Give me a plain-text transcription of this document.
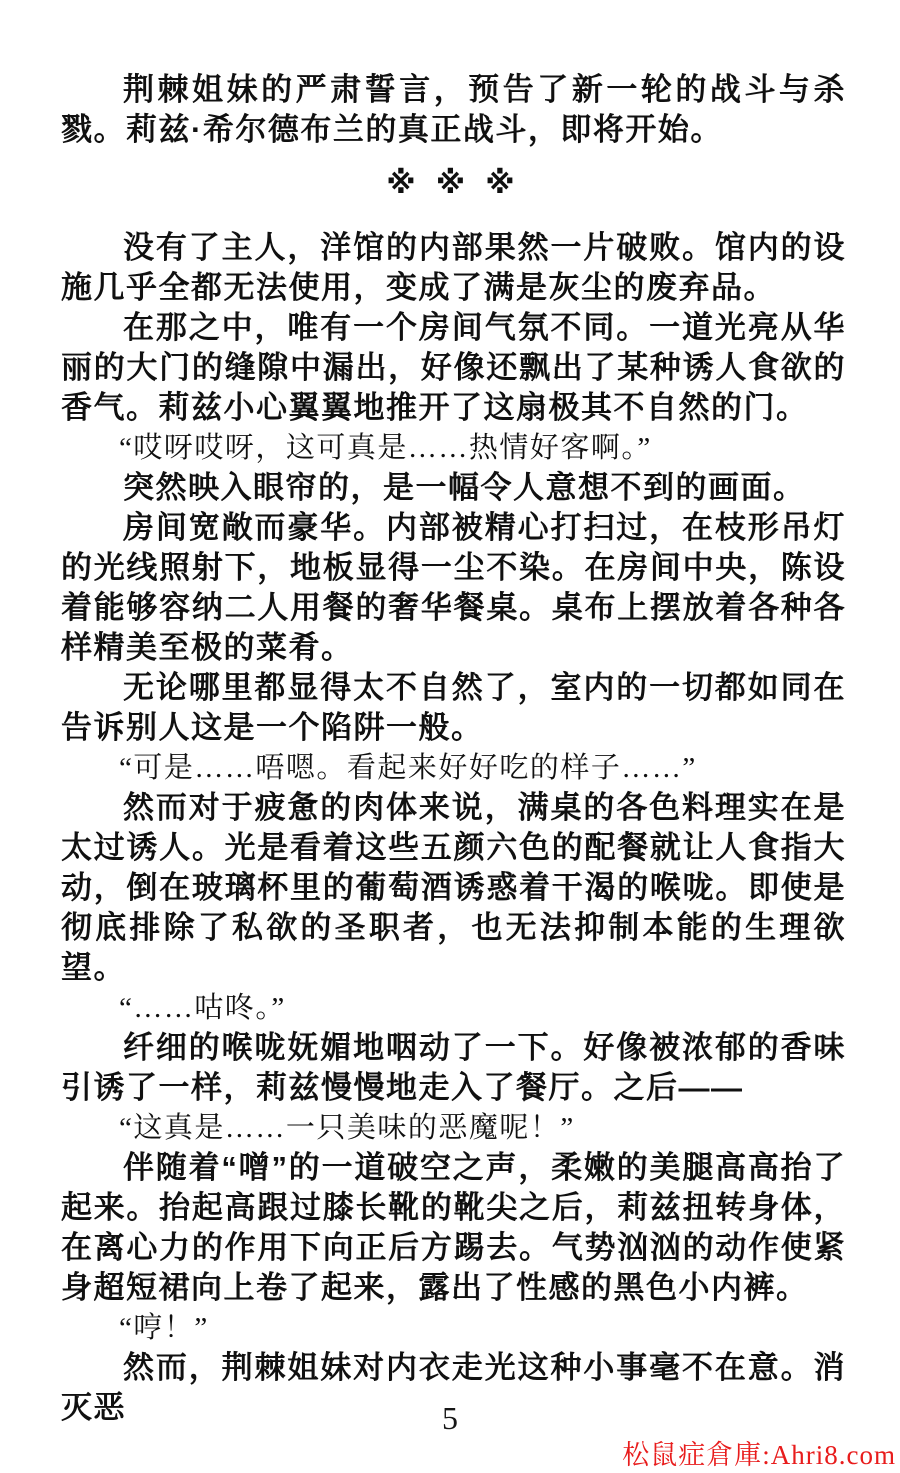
荆棘姐妹的严肃誓言，预告了新一轮的战斗与杀戮。莉兹·希尔德布兰的真正战斗，即将开始。

※ ※ ※

没有了主人，洋馆的内部果然一片破败。馆内的设施几乎全都无法使用，变成了满是灰尘的废弃品。

在那之中，唯有一个房间气氛不同。一道光亮从华丽的大门的缝隙中漏出，好像还飘出了某种诱人食欲的香气。莉兹小心翼翼地推开了这扇极其不自然的门。

“哎呀哎呀，这可真是……热情好客啊。”

突然映入眼帘的，是一幅令人意想不到的画面。

房间宽敞而豪华。内部被精心打扫过，在枝形吊灯的光线照射下，地板显得一尘不染。在房间中央，陈设着能够容纳二人用餐的奢华餐桌。桌布上摆放着各种各样精美至极的菜肴。

无论哪里都显得太不自然了，室内的一切都如同在告诉别人这是一个陷阱一般。

“可是……唔嗯。看起来好好吃的样子……”

然而对于疲惫的肉体来说，满桌的各色料理实在是太过诱人。光是看着这些五颜六色的配餐就让人食指大动，倒在玻璃杯里的葡萄酒诱惑着干渴的喉咙。即使是彻底排除了私欲的圣职者，也无法抑制本能的生理欲望。

“……咕咚。”

纤细的喉咙妩媚地咽动了一下。好像被浓郁的香味引诱了一样，莉兹慢慢地走入了餐厅。之后——

“这真是……一只美味的恶魔呢！”

伴随着“噌”的一道破空之声，柔嫩的美腿高高抬了起来。抬起高跟过膝长靴的靴尖之后，莉兹扭转身体，在离心力的作用下向正后方踢去。气势汹汹的动作使紧身超短裙向上卷了起来，露出了性感的黑色小内裤。

“哼！”

然而，荆棘姐妹对内衣走光这种小事毫不在意。消灭恶	5
松鼠症倉庫:Ahri8.com
